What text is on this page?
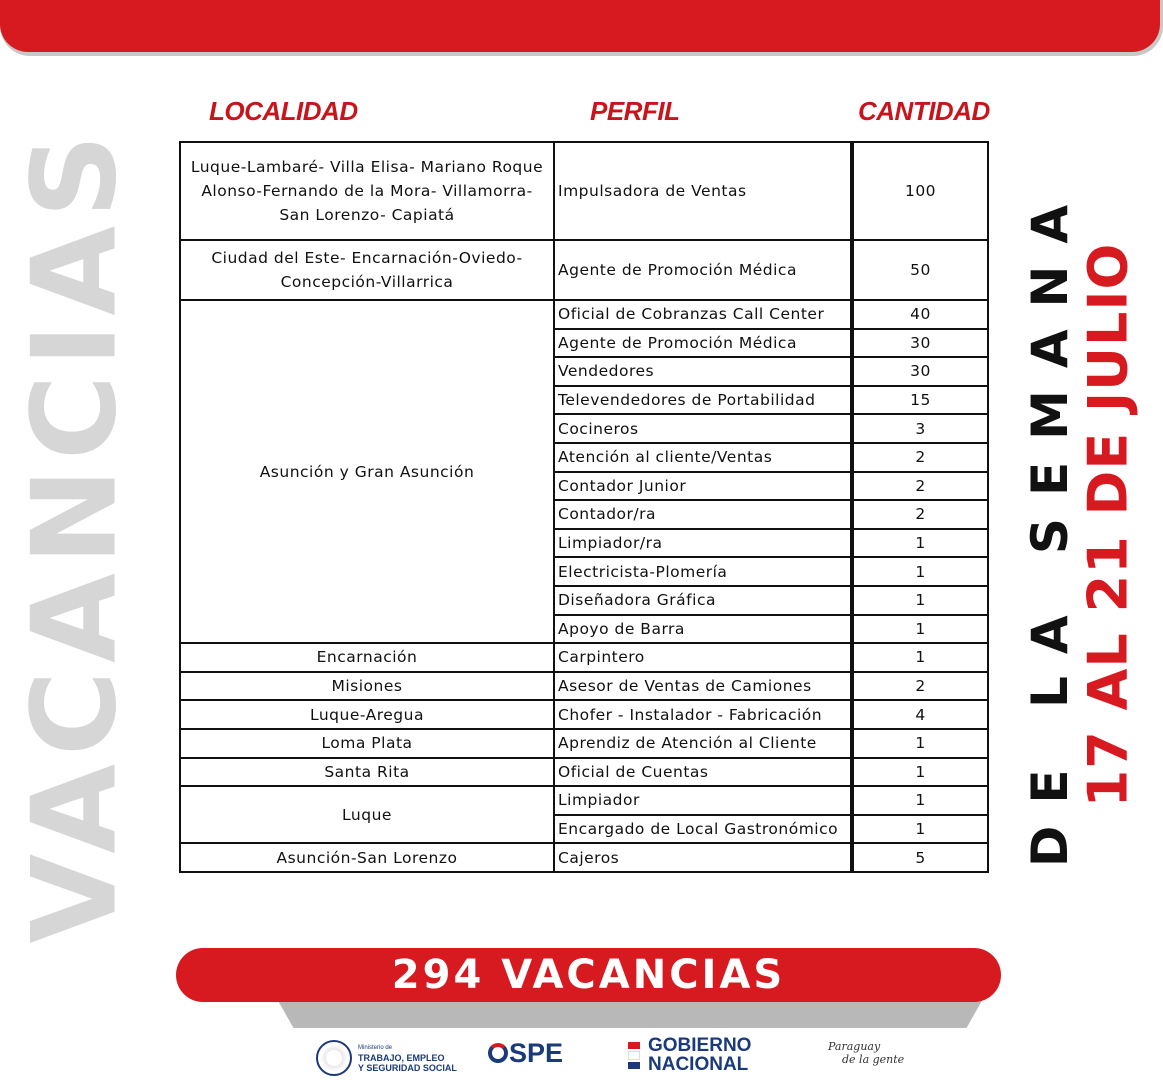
LOCALIDAD	PERFIL	CANTIDAD
VACANCIAS	DE LA SEMANA
17 AL 21 DE JULIO
Luque-Lambaré- Villa Elisa- Mariano Roque Alonso-Fernando de la Mora- Villamorra- San Lorenzo- Capiatá	Impulsadora de Ventas	100
Ciudad del Este- Encarnación-Oviedo- Concepción-Villarrica	Agente de Promoción Médica	50
Asunción y Gran Asunción	Oficial de Cobranzas Call Center	40
	Agente de Promoción Médica	30
	Vendedores	30
	Televendedores de Portabilidad	15
	Cocineros	3
	Atención al cliente/Ventas	2
	Contador Junior	2
	Contador/ra	2
	Limpiador/ra	1
	Electricista-Plomería	1
	Diseñadora Gráfica	1
	Apoyo de Barra	1
Encarnación	Carpintero	1
Misiones	Asesor de Ventas de Camiones	2
Luque-Aregua	Chofer - Instalador - Fabricación	4
Loma Plata	Aprendiz de Atención al Cliente	1
Santa Rita	Oficial de Cuentas	1
Luque	Limpiador	1
	Encargado de Local Gastronómico	1
Asunción-San Lorenzo	Cajeros	5
294 VACANCIAS
Ministerio de
TRABAJO, EMPLEO
Y SEGURIDAD SOCIAL	SPE	GOBIERNO
NACIONAL
Paraguay
de la gente
